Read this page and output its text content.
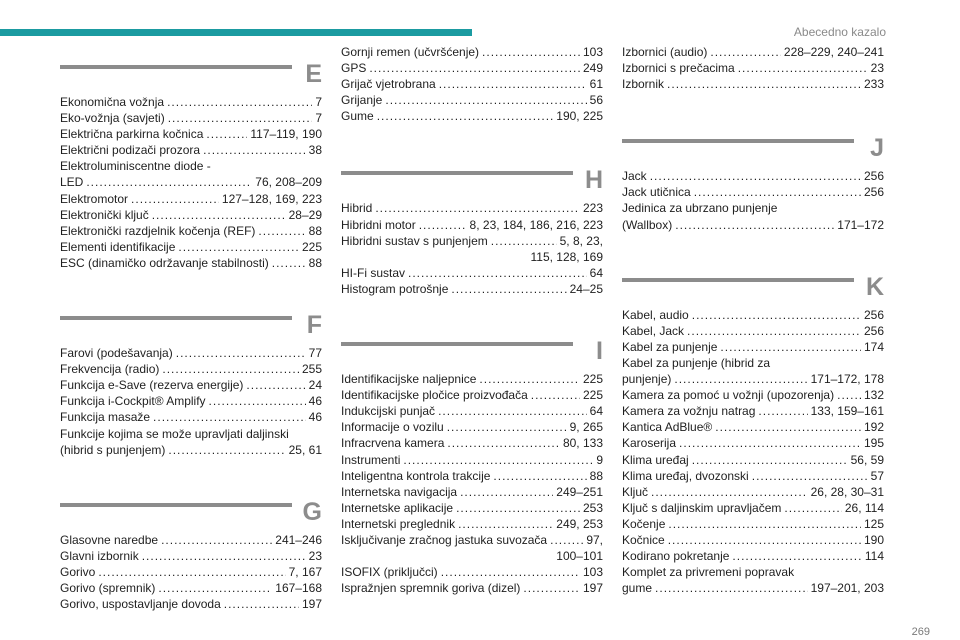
Abecedno kazalo
E
Ekonomična vožnja .....	7
Eko-vožnja (savjeti) .....	7
Električna parkirna kočnica .....	117–119, 190
Električni podizači prozora .....	38
Elektroluminiscentne diode -
LED .....	76, 208–209
Elektromotor .....	127–128, 169, 223
Elektronički ključ .....	28–29
Elektronički razdjelnik kočenja (REF) .....	88
Elementi identifikacije .....	225
ESC (dinamičko održavanje stabilnosti) .....	88
F
Farovi (podešavanja) .....	77
Frekvencija (radio) .....	255
Funkcija e-Save (rezerva energije) .....	24
Funkcija i-Cockpit® Amplify .....	46
Funkcija masaže .....	46
Funkcije kojima se može upravljati daljinski
(hibrid s punjenjem) .....	25, 61
G
Glasovne naredbe .....	241–246
Glavni izbornik .....	23
Gorivo .....	7, 167
Gorivo (spremnik) .....	167–168
Gorivo, uspostavljanje dovoda .....	197
Gornji remen (učvršćenje) .....	103
GPS .....	249
Grijač vjetrobrana .....	61
Grijanje .....	56
Gume .....	190, 225
H
Hibrid .....	223
Hibridni motor .....	8, 23, 184, 186, 216, 223
Hibridni sustav s punjenjem .....	5, 8, 23,
115, 128, 169
HI-Fi sustav .....	64
Histogram potrošnje .....	24–25
I
Identifikacijske naljepnice .....	225
Identifikacijske pločice proizvođača .....	225
Indukcijski punjač .....	64
Informacije o vozilu .....	9, 265
Infracrvena kamera .....	80, 133
Instrumenti .....	9
Inteligentna kontrola trakcije .....	88
Internetska navigacija .....	249–251
Internetske aplikacije .....	253
Internetski preglednik .....	249, 253
Isključivanje zračnog jastuka suvozača .....	97,
100–101
ISOFIX (priključci) .....	103
Ispražnjen spremnik goriva (dizel) .....	197
Izbornici (audio) .....	228–229, 240–241
Izbornici s prečacima .....	23
Izbornik .....	233
J
Jack .....	256
Jack utičnica .....	256
Jedinica za ubrzano punjenje
(Wallbox) .....	171–172
K
Kabel, audio .....	256
Kabel, Jack .....	256
Kabel za punjenje .....	174
Kabel za punjenje (hibrid za
punjenje) .....	171–172, 178
Kamera za pomoć u vožnji (upozorenja) ..... 132
Kamera za vožnju natrag .....	133, 159–161
Kantica AdBlue® .....	192
Karoserija .....	195
Klima uređaj .....	56, 59
Klima uređaj, dvozonski .....	57
Ključ .....	26, 28, 30–31
Ključ s daljinskim upravljačem .....	26, 114
Kočenje .....	125
Kočnice .....	190
Kodirano pokretanje .....	114
Komplet za privremeni popravak
gume .....	197–201, 203
269
